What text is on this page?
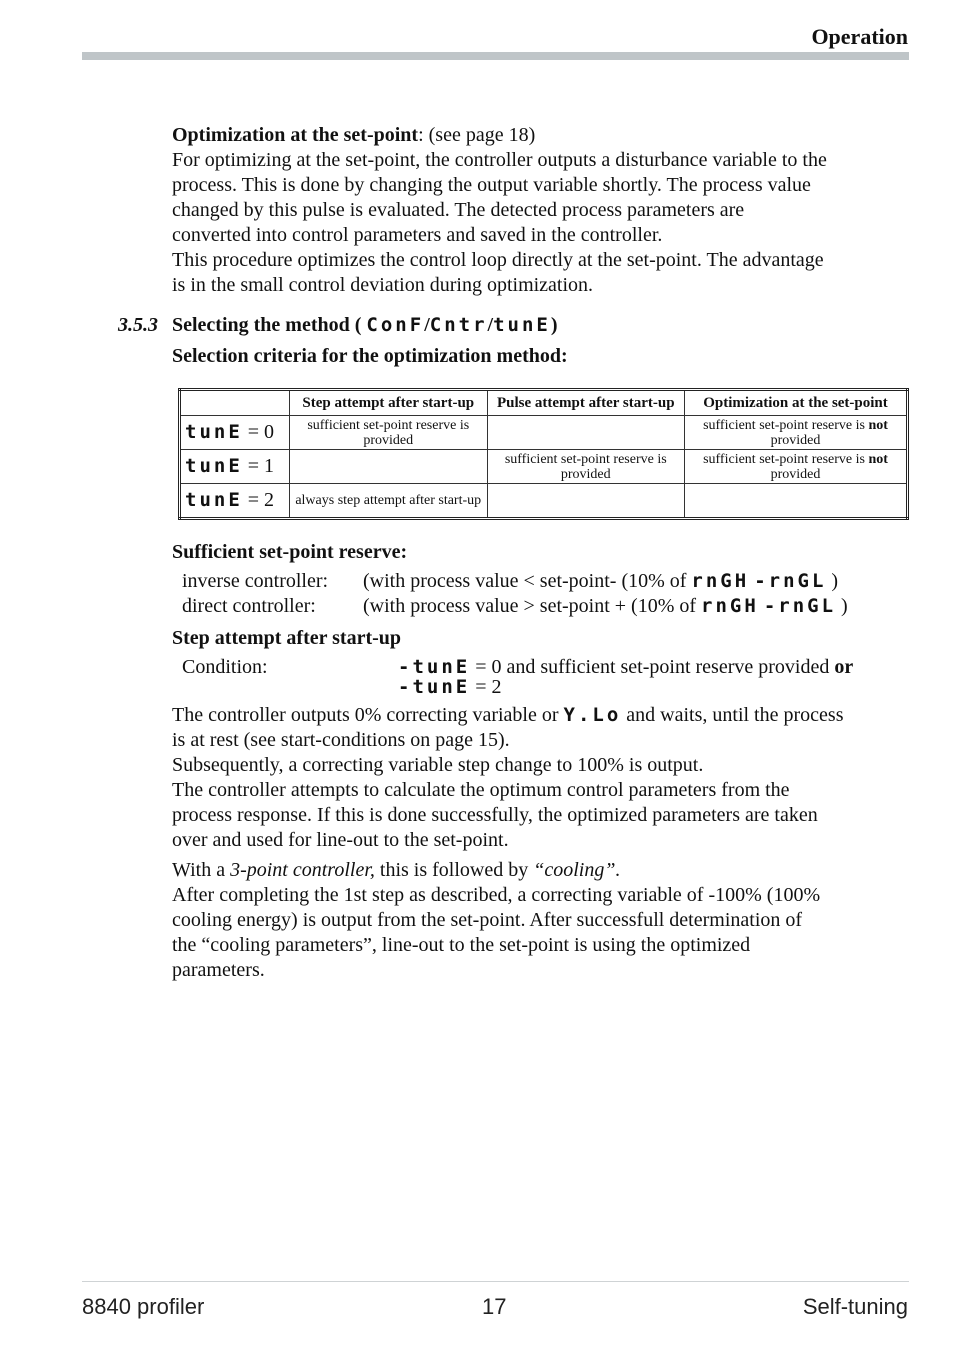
Operation

Optimization at the set-point: (see page 18)

For optimizing at the set-point, the controller outputs a disturbance variable to the

process. This is done by changing the output variable shortly. The process value

changed by this pulse is evaluated. The detected process parameters are

converted into control parameters and saved in the controller.

This procedure optimizes the control loop directly at the set-point. The advantage

is in the small control deviation during optimization.

3.5.3 Selecting the method ( ConF/Cntr/tunE)
Selection criteria for the optimization method:
	Step attempt after start-up	Pulse attempt after start-up	Optimization at the set-point
tunE = 0	sufficient set-point reserve is provided		sufficient set-point reserve is not provided
tunE = 1		sufficient set-point reserve is provided	sufficient set-point reserve is not provided
tunE = 2	always step attempt after start-up		
Sufficient set-point reserve:
inverse controller: (with process value < set-point- (10% of rnGH -rnGL )
direct controller: (with process value > set-point + (10% of rnGH -rnGL )
Step attempt after start-up
Condition:	-tunE = 0 and sufficient set-point reserve provided or
-tunE = 2

The controller outputs 0% correcting variable or Y.Lo and waits, until the process

is at rest (see start-conditions on page 15).

Subsequently, a correcting variable step change to 100% is output.

The controller attempts to calculate the optimum control parameters from the

process response. If this is done successfully, the optimized parameters are taken

over and used for line-out to the set-point.

With a 3-point controller, this is followed by “cooling”.

After completing the 1st step as described, a correcting variable of -100% (100%

cooling energy) is output from the set-point. After successfull determination of

the “cooling parameters”, line-out to the set-point is using the optimized

parameters.

8840 profiler	17	Self-tuning
